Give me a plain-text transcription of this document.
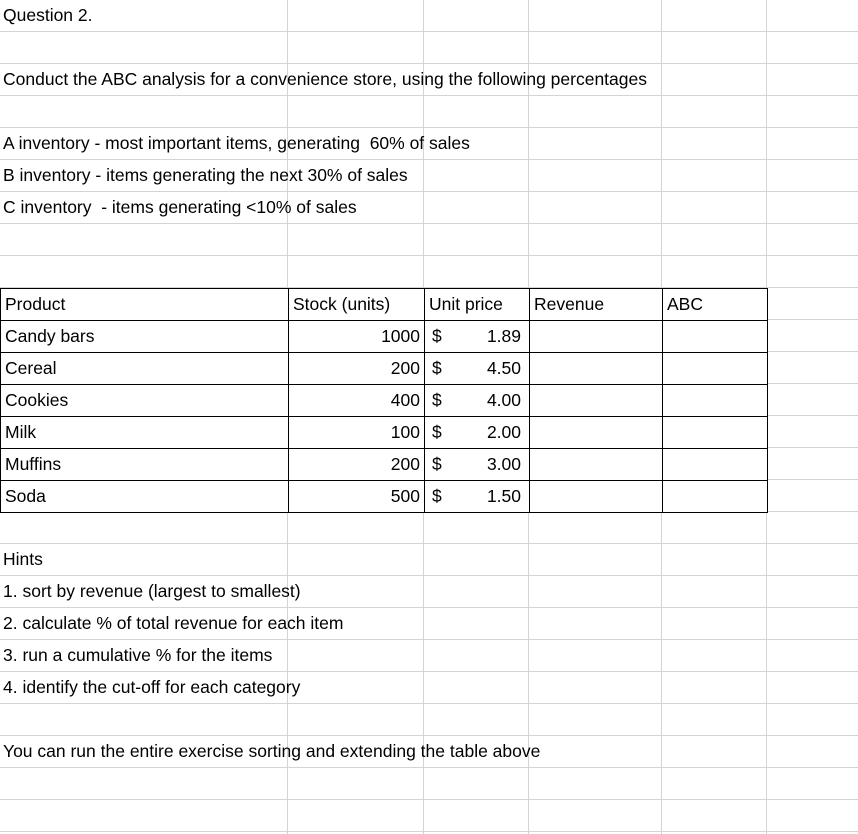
Question 2.
Conduct the ABC analysis for a convenience store, using the following percentages
A inventory - most important items, generating  60% of sales
B inventory - items generating the next 30% of sales
C inventory  - items generating <10% of sales
Product	Stock (units)	Unit price	Revenue	ABC
Candy bars	1000	$ 1.89		
Cereal	200	$ 4.50		
Cookies	400	$ 4.00		
Milk	100	$ 2.00		
Muffins	200	$ 3.00		
Soda	500	$ 1.50		
Hints
1. sort by revenue (largest to smallest)
2. calculate % of total revenue for each item
3. run a cumulative % for the items
4. identify the cut-off for each category
You can run the entire exercise sorting and extending the table above
